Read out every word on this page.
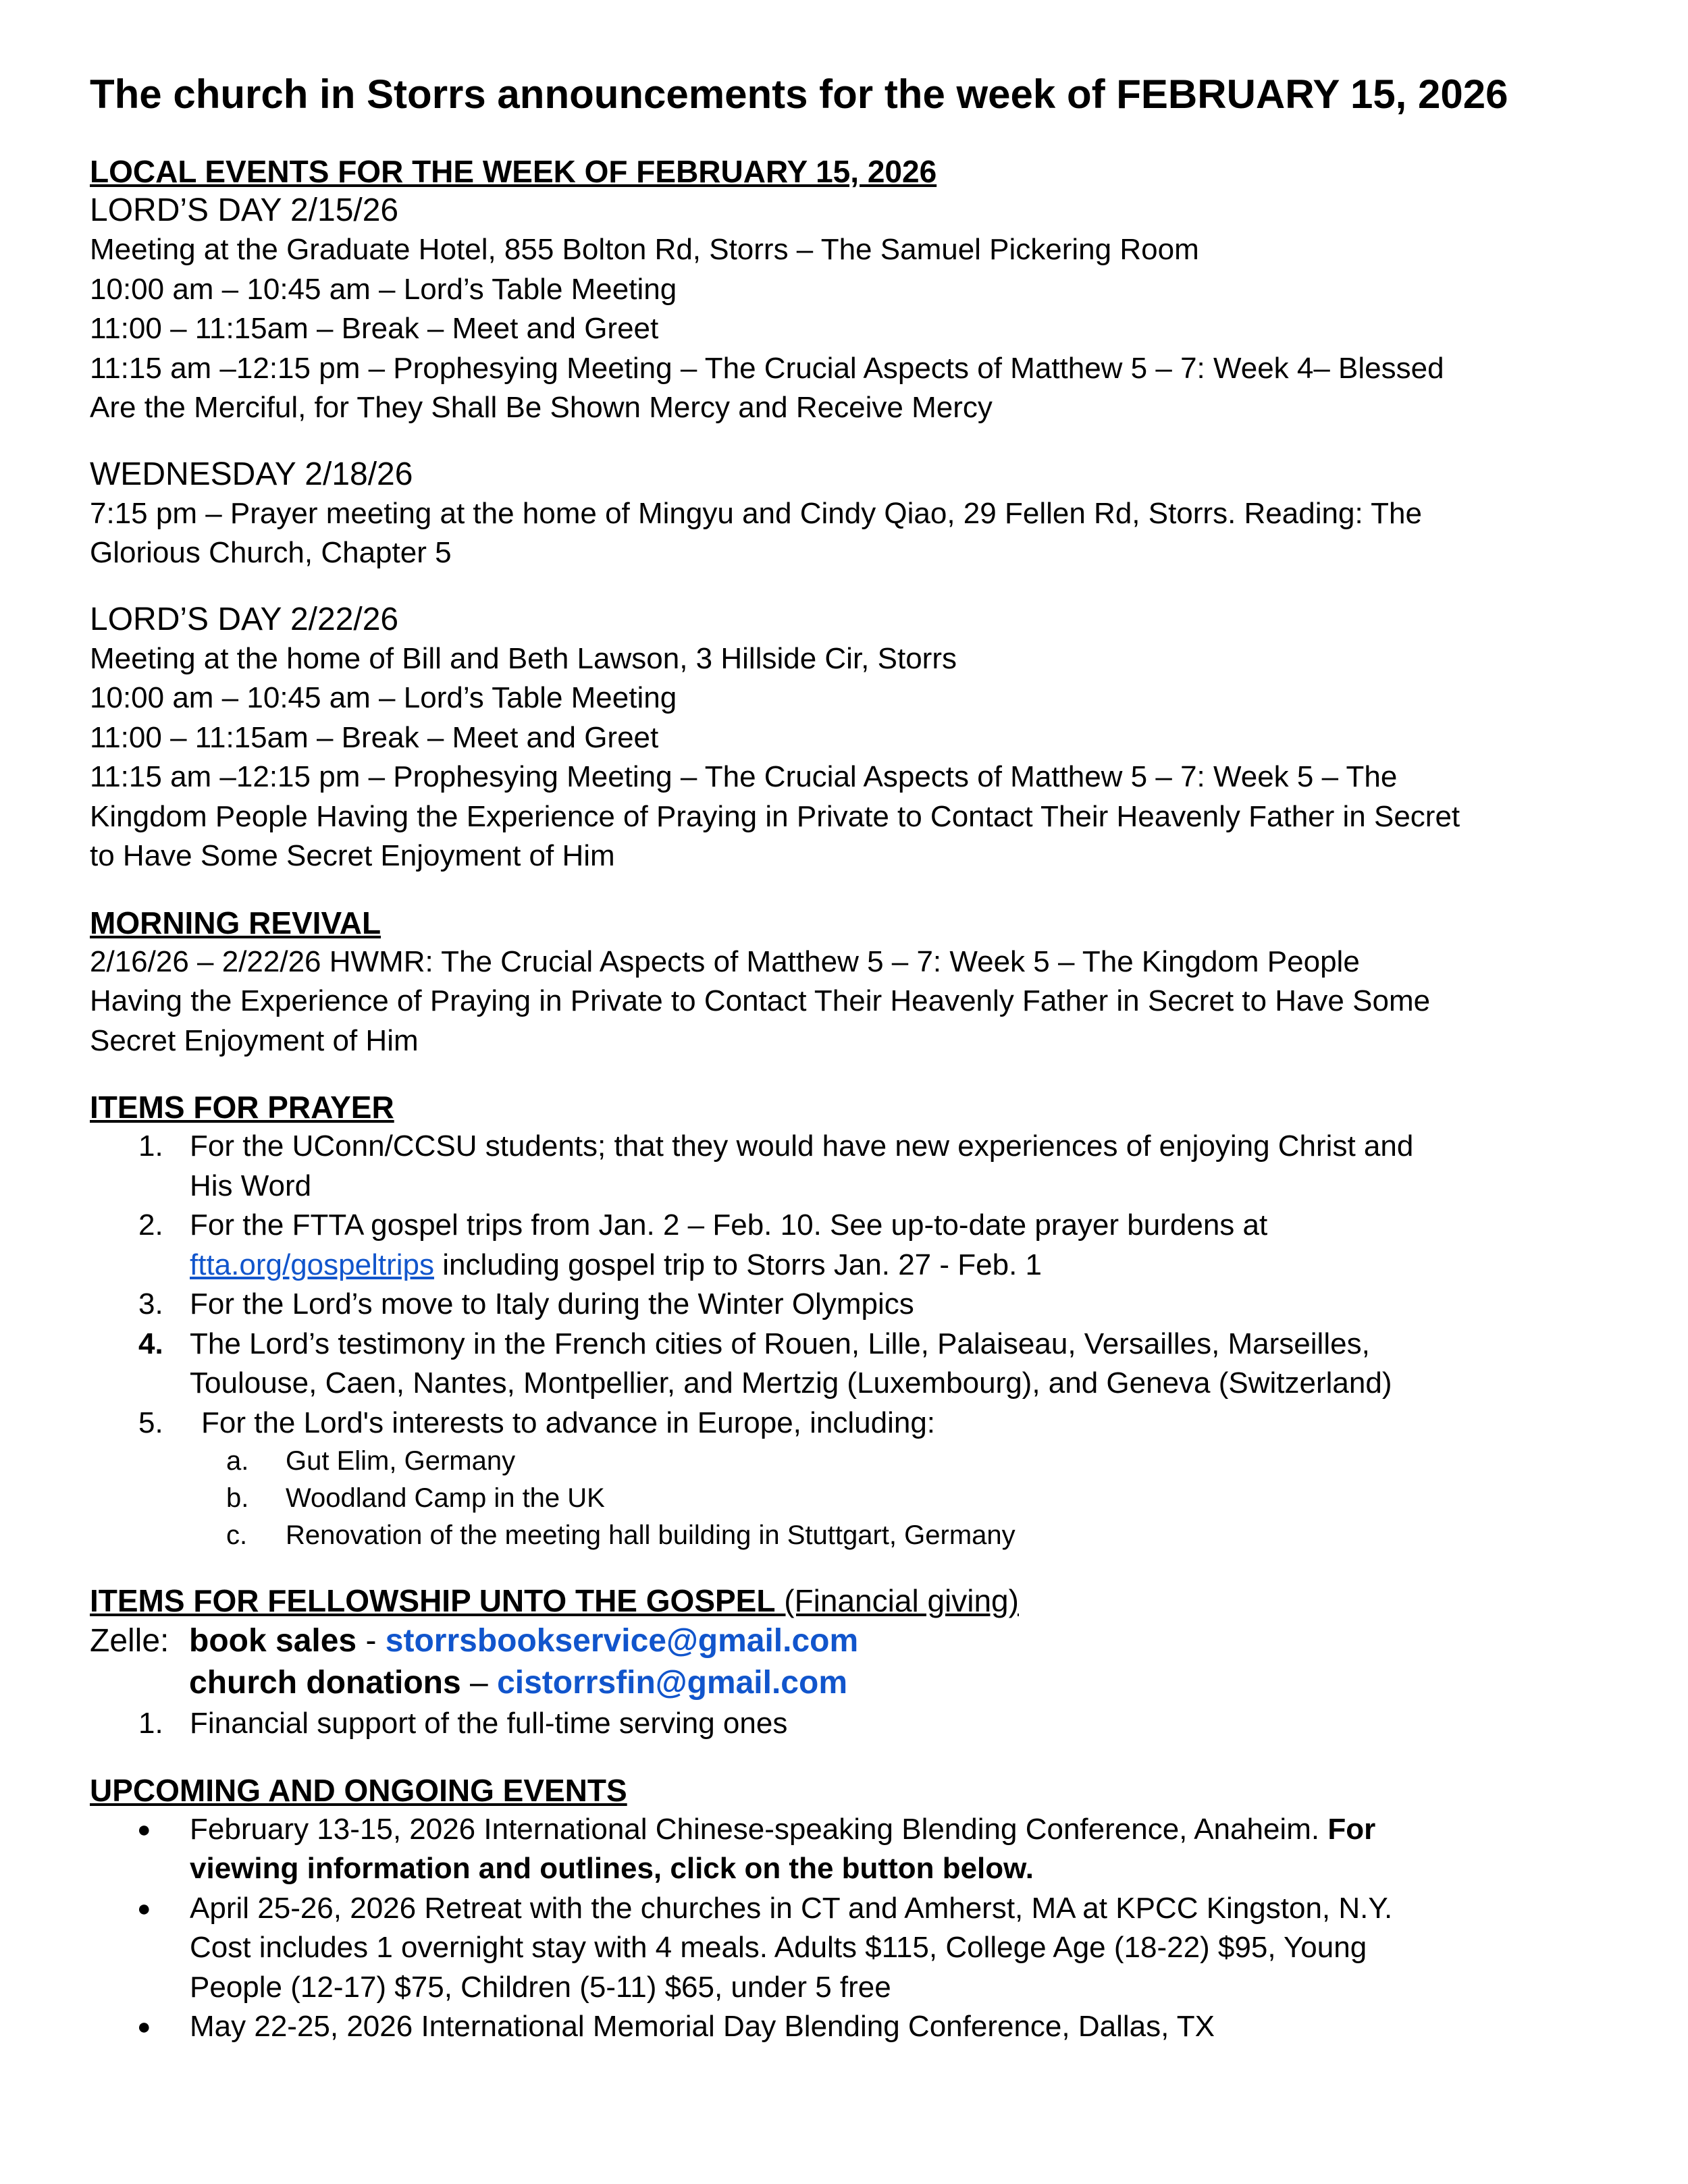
The church in Storrs announcements for the week of FEBRUARY 15, 2026

LOCAL EVENTS FOR THE WEEK OF FEBRUARY 15, 2026

LORD’S DAY 2/15/26

Meeting at the Graduate Hotel, 855 Bolton Rd, Storrs – The Samuel Pickering Room

10:00 am – 10:45 am – Lord’s Table Meeting

11:00 – 11:15am – Break – Meet and Greet

11:15 am –12:15 pm – Prophesying Meeting – The Crucial Aspects of Matthew 5 – 7: Week 4– Blessed

Are the Merciful, for They Shall Be Shown Mercy and Receive Mercy

WEDNESDAY 2/18/26

7:15 pm – Prayer meeting at the home of Mingyu and Cindy Qiao, 29 Fellen Rd, Storrs. Reading: The

Glorious Church, Chapter 5

LORD’S DAY 2/22/26

Meeting at the home of Bill and Beth Lawson, 3 Hillside Cir, Storrs

10:00 am – 10:45 am – Lord’s Table Meeting

11:00 – 11:15am – Break – Meet and Greet

11:15 am –12:15 pm – Prophesying Meeting – The Crucial Aspects of Matthew 5 – 7: Week 5 – The

Kingdom People Having the Experience of Praying in Private to Contact Their Heavenly Father in Secret

to Have Some Secret Enjoyment of Him

MORNING REVIVAL

2/16/26 – 2/22/26 HWMR: The Crucial Aspects of Matthew 5 – 7: Week 5 – The Kingdom People

Having the Experience of Praying in Private to Contact Their Heavenly Father in Secret to Have Some

Secret Enjoyment of Him

ITEMS FOR PRAYER

1. For the UConn/CCSU students; that they would have new experiences of enjoying Christ and
His Word
2. For the FTTA gospel trips from Jan. 2 – Feb. 10. See up-to-date prayer burdens at
ftta.org/gospeltrips including gospel trip to Storrs Jan. 27 - Feb. 1
3. For the Lord’s move to Italy during the Winter Olympics
4. The Lord’s testimony in the French cities of Rouen, Lille, Palaiseau, Versailles, Marseilles,
Toulouse, Caen, Nantes, Montpellier, and Mertzig (Luxembourg), and Geneva (Switzerland)
5. For the Lord's interests to advance in Europe, including:
a. Gut Elim, Germany
b. Woodland Camp in the UK
c. Renovation of the meeting hall building in Stuttgart, Germany

ITEMS FOR FELLOWSHIP UNTO THE GOSPEL (Financial giving)

Zelle: book sales - storrsbookservice@gmail.com

church donations – cistorrsfin@gmail.com

1. Financial support of the full-time serving ones

UPCOMING AND ONGOING EVENTS

● February 13-15, 2026 International Chinese-speaking Blending Conference, Anaheim. For
viewing information and outlines, click on the button below.
● April 25-26, 2026 Retreat with the churches in CT and Amherst, MA at KPCC Kingston, N.Y.
Cost includes 1 overnight stay with 4 meals. Adults $115, College Age (18-22) $95, Young
People (12-17) $75, Children (5-11) $65, under 5 free
● May 22-25, 2026 International Memorial Day Blending Conference, Dallas, TX
